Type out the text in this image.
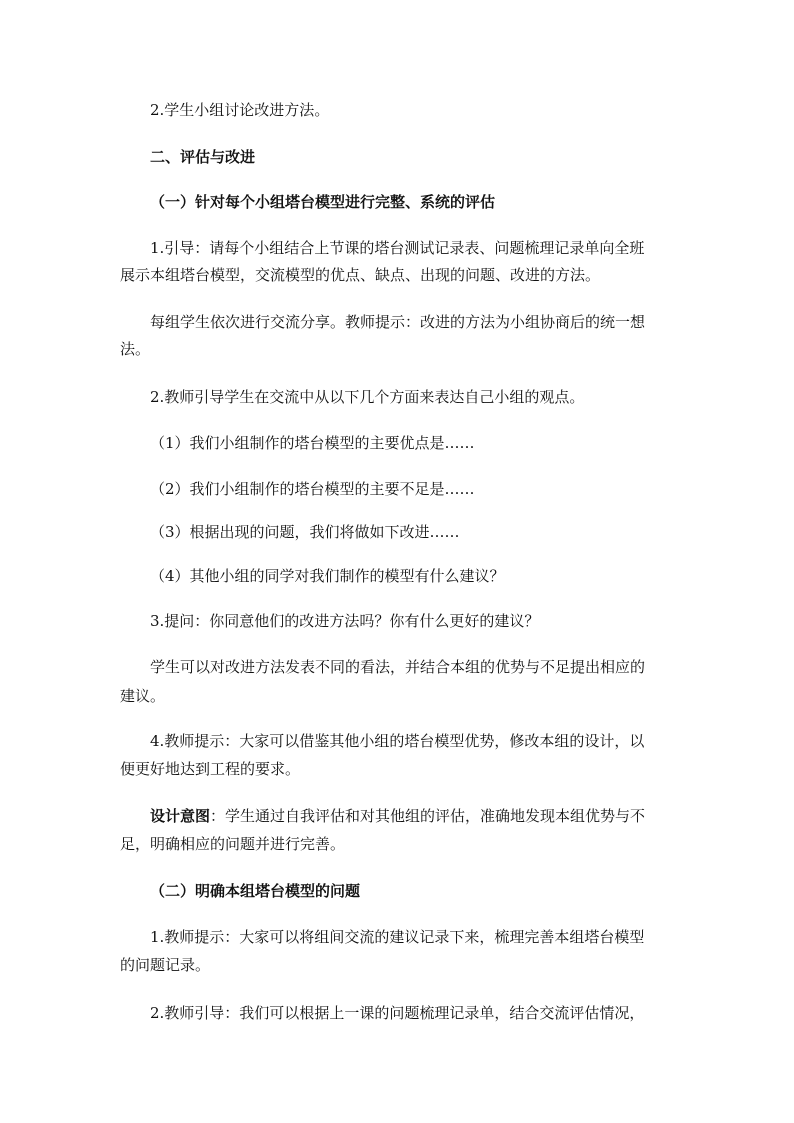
2.学生小组讨论改进方法。
二、评估与改进
（一）针对每个小组塔台模型进行完整、系统的评估
1.引导：请每个小组结合上节课的塔台测试记录表、问题梳理记录单向全班
展示本组塔台模型，交流模型的优点、缺点、出现的问题、改进的方法。
每组学生依次进行交流分享。教师提示：改进的方法为小组协商后的统一想
法。
2.教师引导学生在交流中从以下几个方面来表达自己小组的观点。
（1）我们小组制作的塔台模型的主要优点是……
（2）我们小组制作的塔台模型的主要不足是……
（3）根据出现的问题，我们将做如下改进……
（4）其他小组的同学对我们制作的模型有什么建议？
3.提问：你同意他们的改进方法吗？你有什么更好的建议？
学生可以对改进方法发表不同的看法，并结合本组的优势与不足提出相应的
建议。
4.教师提示：大家可以借鉴其他小组的塔台模型优势，修改本组的设计，以
便更好地达到工程的要求。
设计意图：学生通过自我评估和对其他组的评估，准确地发现本组优势与不
足，明确相应的问题并进行完善。
（二）明确本组塔台模型的问题
1.教师提示：大家可以将组间交流的建议记录下来，梳理完善本组塔台模型
的问题记录。
2.教师引导：我们可以根据上一课的问题梳理记录单，结合交流评估情况，
